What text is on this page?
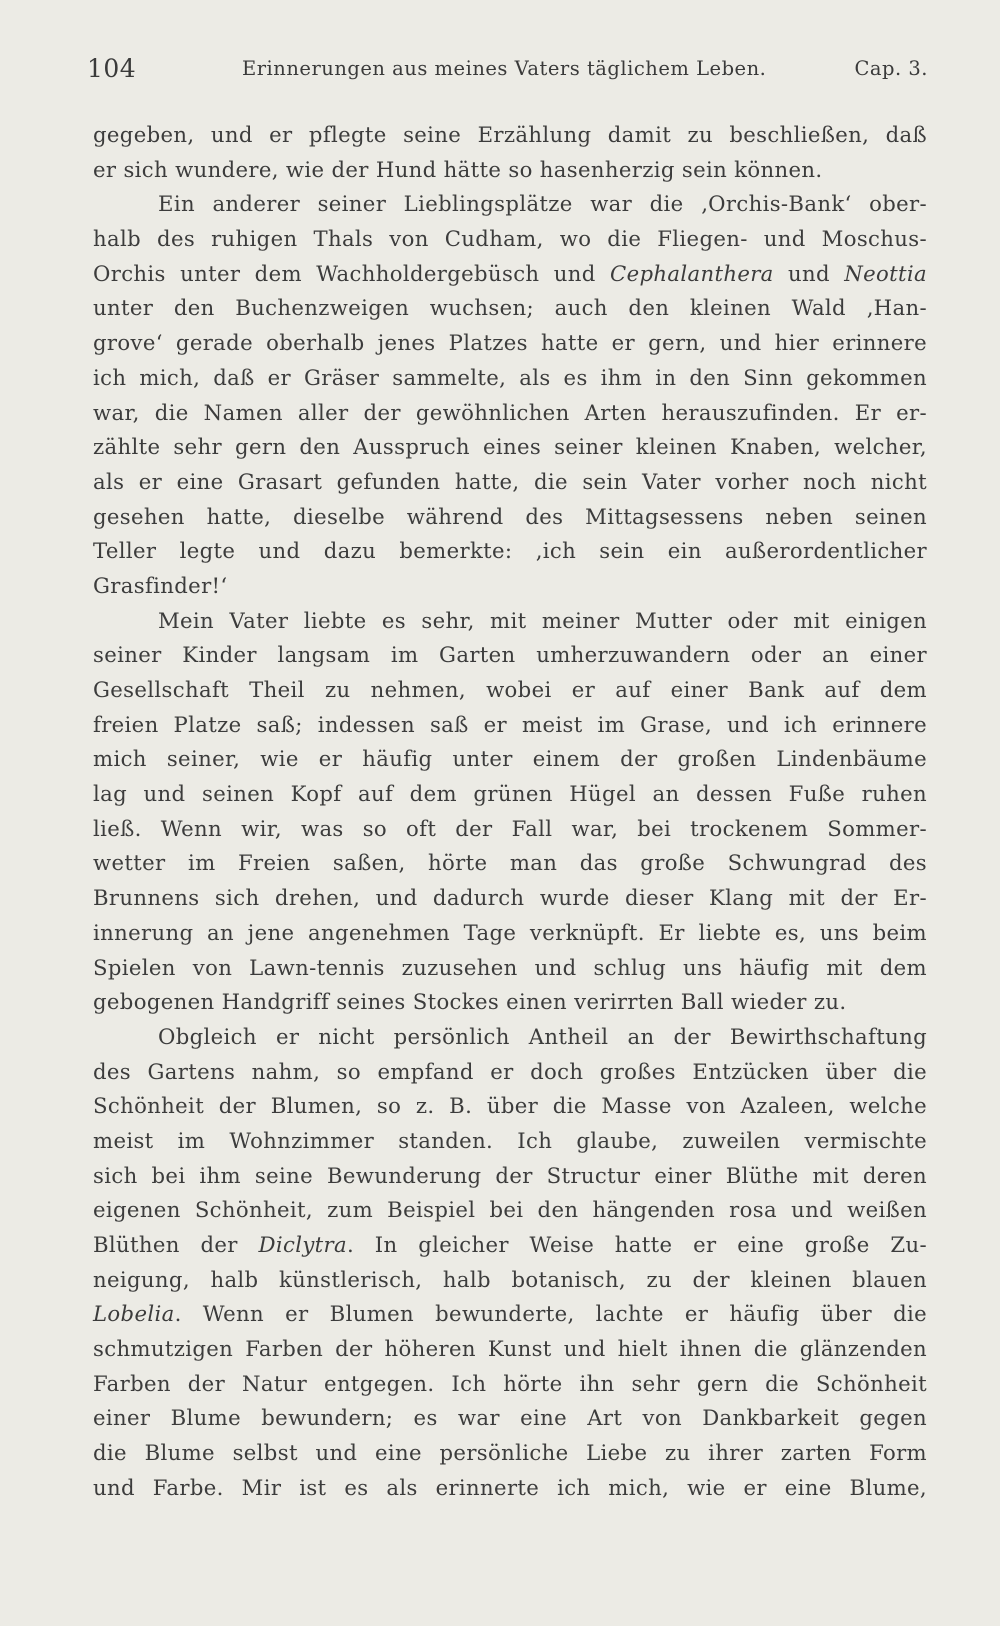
104	Erinnerungen aus meines Vaters täglichem Leben.	Cap. 3.
gegeben, und er pflegte seine Erzählung damit zu beschließen, daß
er sich wundere, wie der Hund hätte so hasenherzig sein können.
Ein anderer seiner Lieblingsplätze war die ‚Orchis-Bank‘ ober-
halb des ruhigen Thals von Cudham, wo die Fliegen- und Moschus-
Orchis unter dem Wachholdergebüsch und Cephalanthera und Neottia
unter den Buchenzweigen wuchsen; auch den kleinen Wald ‚Han-
grove‘ gerade oberhalb jenes Platzes hatte er gern, und hier erinnere
ich mich, daß er Gräser sammelte, als es ihm in den Sinn gekommen
war, die Namen aller der gewöhnlichen Arten herauszufinden. Er er-
zählte sehr gern den Ausspruch eines seiner kleinen Knaben, welcher,
als er eine Grasart gefunden hatte, die sein Vater vorher noch nicht
gesehen hatte, dieselbe während des Mittagsessens neben seinen
Teller legte und dazu bemerkte: ‚ich sein ein außerordentlicher
Grasfinder!‘
Mein Vater liebte es sehr, mit meiner Mutter oder mit einigen
seiner Kinder langsam im Garten umherzuwandern oder an einer
Gesellschaft Theil zu nehmen, wobei er auf einer Bank auf dem
freien Platze saß; indessen saß er meist im Grase, und ich erinnere
mich seiner, wie er häufig unter einem der großen Lindenbäume
lag und seinen Kopf auf dem grünen Hügel an dessen Fuße ruhen
ließ. Wenn wir, was so oft der Fall war, bei trockenem Sommer-
wetter im Freien saßen, hörte man das große Schwungrad des
Brunnens sich drehen, und dadurch wurde dieser Klang mit der Er-
innerung an jene angenehmen Tage verknüpft. Er liebte es, uns beim
Spielen von Lawn-tennis zuzusehen und schlug uns häufig mit dem
gebogenen Handgriff seines Stockes einen verirrten Ball wieder zu.
Obgleich er nicht persönlich Antheil an der Bewirthschaftung
des Gartens nahm, so empfand er doch großes Entzücken über die
Schönheit der Blumen, so z. B. über die Masse von Azaleen, welche
meist im Wohnzimmer standen. Ich glaube, zuweilen vermischte
sich bei ihm seine Bewunderung der Structur einer Blüthe mit deren
eigenen Schönheit, zum Beispiel bei den hängenden rosa und weißen
Blüthen der Diclytra. In gleicher Weise hatte er eine große Zu-
neigung, halb künstlerisch, halb botanisch, zu der kleinen blauen
Lobelia. Wenn er Blumen bewunderte, lachte er häufig über die
schmutzigen Farben der höheren Kunst und hielt ihnen die glänzenden
Farben der Natur entgegen. Ich hörte ihn sehr gern die Schönheit
einer Blume bewundern; es war eine Art von Dankbarkeit gegen
die Blume selbst und eine persönliche Liebe zu ihrer zarten Form
und Farbe. Mir ist es als erinnerte ich mich, wie er eine Blume,
